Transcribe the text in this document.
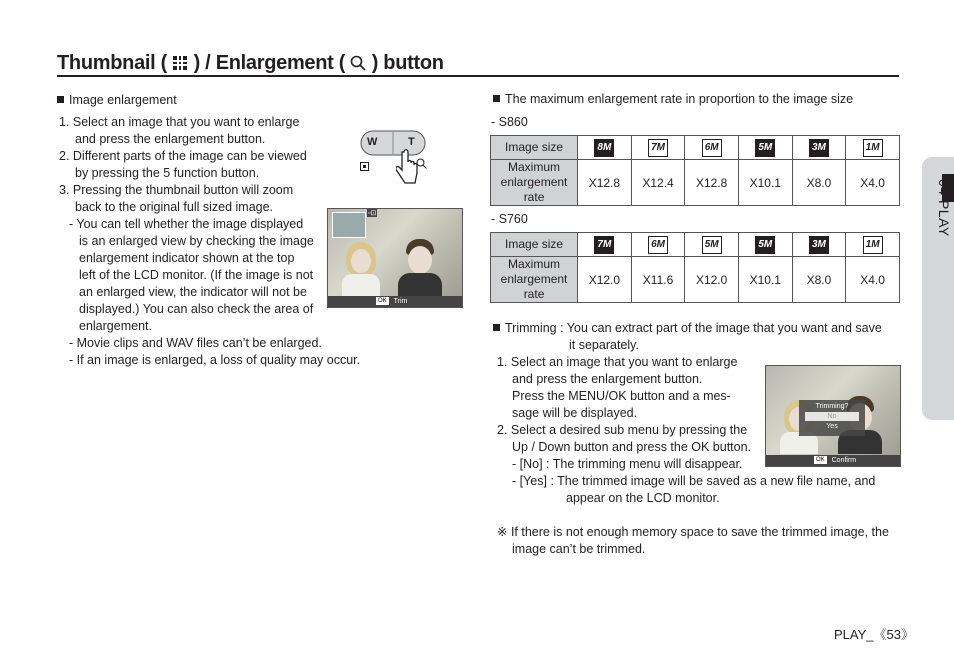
Thumbnail ( ) / Enlargement ( ) button
Image enlargement
1. Select an image that you want to enlarge
and press the enlargement button.
2. Different parts of the image can be viewed
by pressing the 5 function button.
3. Pressing the thumbnail button will zoom
back to the original full sized image.
- You can tell whether the image displayed
is an enlarged view by checking the image
enlargement indicator shown at the top
left of the LCD monitor. (If the image is not
an enlarged view, the indicator will not be
displayed.) You can also check the area of
enlargement.
- Movie clips and WAV files can’t be enlarged.
- If an image is enlarged, a loss of quality may occur.
W	T
▫⊡
OK Trim
The maximum enlargement rate in proportion to the image size
- S860
Image size	8M	7M	6M	5M	3M	1M
Maximum enlargement rate	X12.8	X12.4	X12.8	X10.1	X8.0	X4.0
- S760
Image size	7M	6M	5M	5M	3M	1M
Maximum enlargement rate	X12.0	X11.6	X12.0	X10.1	X8.0	X4.0
Trimming : You can extract part of the image that you want and save
it separately.
1. Select an image that you want to enlarge
and press the enlargement button.
Press the MENU/OK button and a mes-
sage will be displayed.
2. Select a desired sub menu by pressing the
Up / Down button and press the OK button.
- [No] : The trimming menu will disappear.
- [Yes] : The trimmed image will be saved as a new file name, and
appear on the LCD monitor.
※ If there is not enough memory space to save the trimmed image, the
image can’t be trimmed.
Trimming?
No
Yes
OK Confirm
04 PLAY
PLAY_《53》
